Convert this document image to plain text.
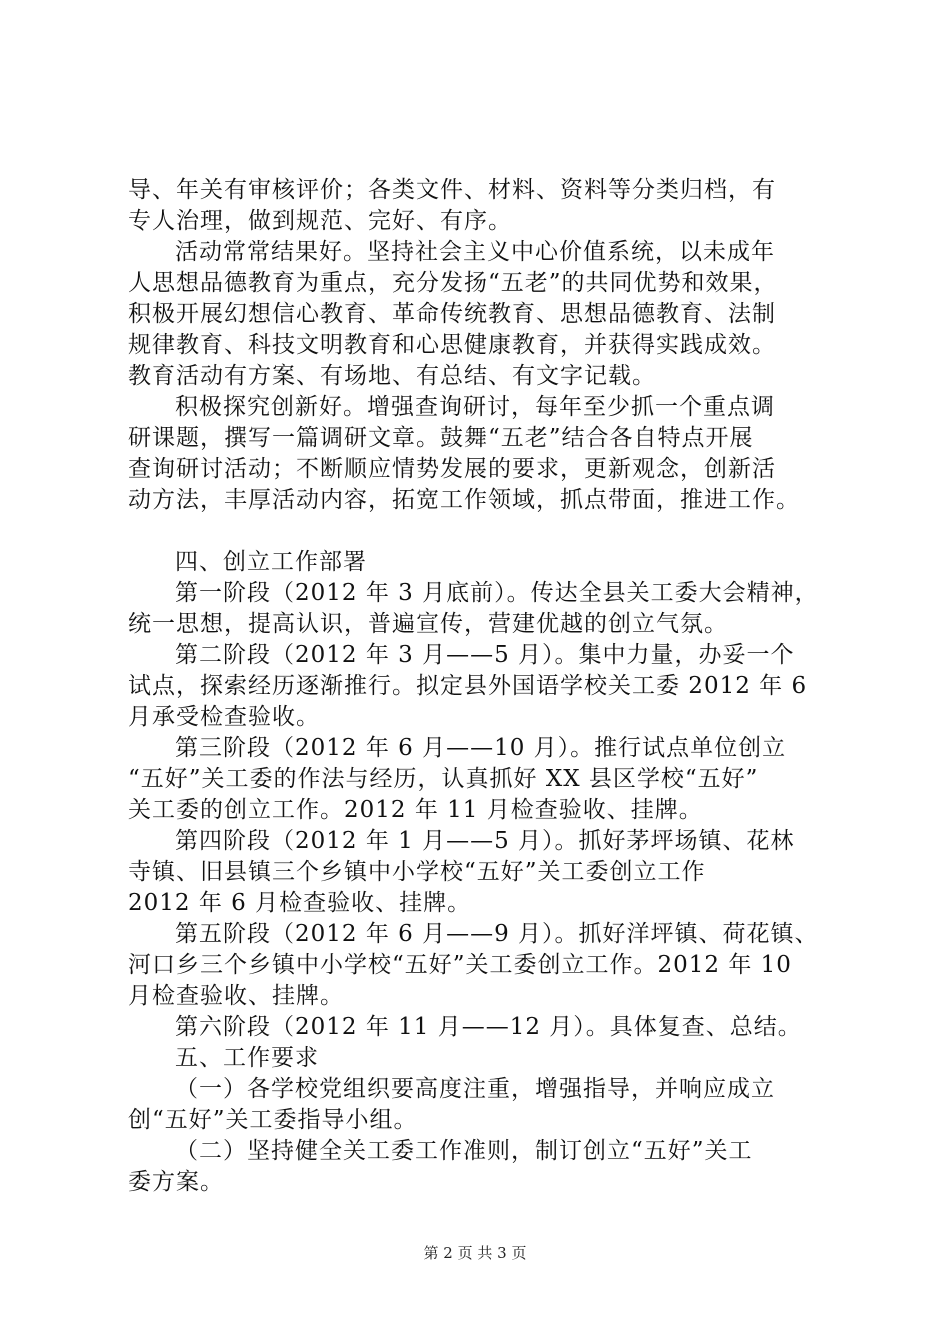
导、年关有审核评价；各类文件、材料、资料等分类归档，有
专人治理，做到规范、完好、有序。
活动常常结果好。坚持社会主义中心价值系统，以未成年
人思想品德教育为重点，充分发扬“五老”的共同优势和效果，
积极开展幻想信心教育、革命传统教育、思想品德教育、法制
规律教育、科技文明教育和心思健康教育，并获得实践成效。
教育活动有方案、有场地、有总结、有文字记载。
积极探究创新好。增强查询研讨，每年至少抓一个重点调
研课题，撰写一篇调研文章。鼓舞“五老”结合各自特点开展
查询研讨活动；不断顺应情势发展的要求，更新观念，创新活
动方法，丰厚活动内容，拓宽工作领域，抓点带面，推进工作。
四、创立工作部署
第一阶段（2012 年 3 月底前）。传达全县关工委大会精神，
统一思想，提高认识，普遍宣传，营建优越的创立气氛。
第二阶段（2012 年 3 月——5 月）。集中力量，办妥一个
试点，探索经历逐渐推行。拟定县外国语学校关工委 2012 年 6
月承受检查验收。
第三阶段（2012 年 6 月——10 月）。推行试点单位创立
“五好”关工委的作法与经历，认真抓好 XX 县区学校“五好”
关工委的创立工作。2012 年 11 月检查验收、挂牌。
第四阶段（2012 年 1 月——5 月）。抓好茅坪场镇、花林
寺镇、旧县镇三个乡镇中小学校“五好”关工委创立工作
2012 年 6 月检查验收、挂牌。
第五阶段（2012 年 6 月——9 月）。抓好洋坪镇、荷花镇、
河口乡三个乡镇中小学校“五好”关工委创立工作。2012 年 10
月检查验收、挂牌。
第六阶段（2012 年 11 月——12 月）。具体复查、总结。
五、工作要求
（一）各学校党组织要高度注重，增强指导，并响应成立
创“五好”关工委指导小组。
（二）坚持健全关工委工作准则，制订创立“五好”关工
委方案。
第 2 页 共 3 页
